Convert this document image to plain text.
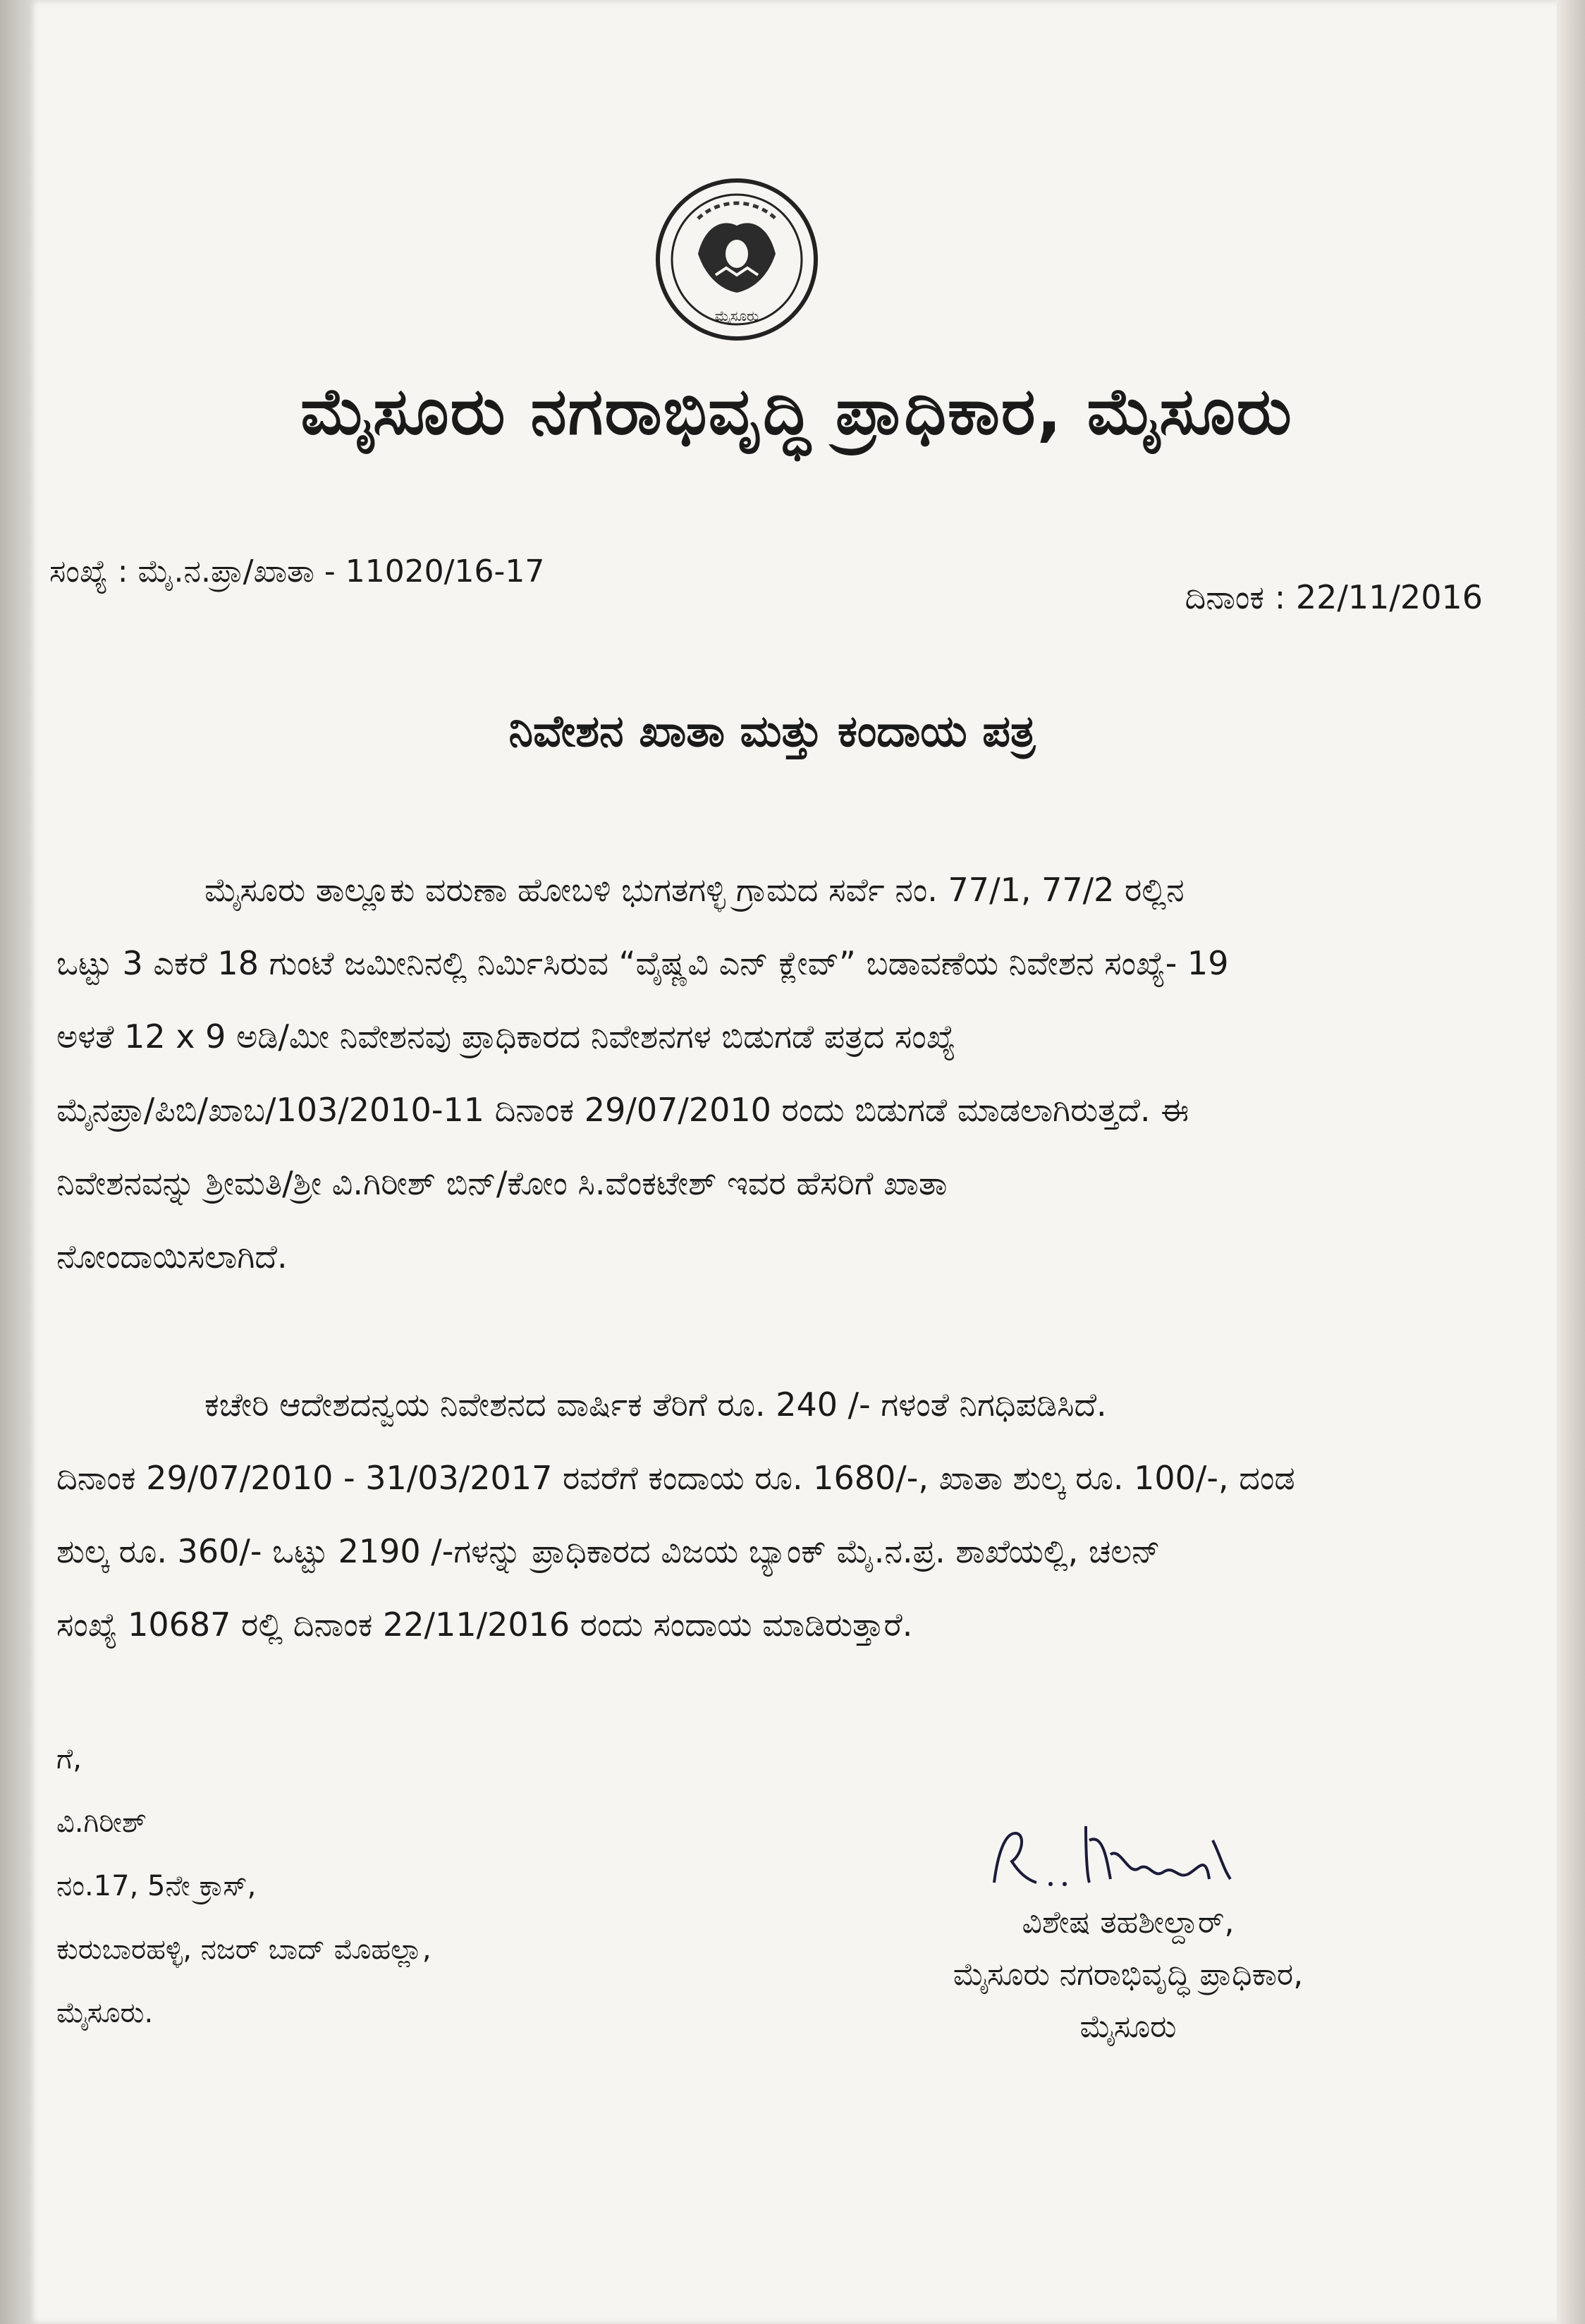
ಮೈಸೂರು
ಮೈಸೂರು ನಗರಾಭಿವೃದ್ಧಿ ಪ್ರಾಧಿಕಾರ, ಮೈಸೂರು
ಸಂಖ್ಯೆ : ಮೈ.ನ.ಪ್ರಾ/ಖಾತಾ - 11020/16-17
ದಿನಾಂಕ : 22/11/2016
ನಿವೇಶನ ಖಾತಾ ಮತ್ತು ಕಂದಾಯ ಪತ್ರ
ಮೈಸೂರು ತಾಲ್ಲೂಕು ವರುಣಾ ಹೋಬಳಿ ಭುಗತಗಳ್ಳಿ ಗ್ರಾಮದ ಸರ್ವೆ ನಂ. 77/1, 77/2 ರಲ್ಲಿನ
ಒಟ್ಟು 3 ಎಕರೆ 18 ಗುಂಟೆ ಜಮೀನಿನಲ್ಲಿ ನಿರ್ಮಿಸಿರುವ “ವೈಷ್ಣವಿ ಎನ್ ಕ್ಲೇವ್” ಬಡಾವಣೆಯ ನಿವೇಶನ ಸಂಖ್ಯೆ- 19
ಅಳತೆ 12 x 9 ಅಡಿ/ಮೀ ನಿವೇಶನವು ಪ್ರಾಧಿಕಾರದ ನಿವೇಶನಗಳ ಬಿಡುಗಡೆ ಪತ್ರದ ಸಂಖ್ಯೆ
ಮೈನಪ್ರಾ/ಪಿಬಿ/ಖಾಬ/103/2010-11 ದಿನಾಂಕ 29/07/2010 ರಂದು ಬಿಡುಗಡೆ ಮಾಡಲಾಗಿರುತ್ತದೆ. ಈ
ನಿವೇಶನವನ್ನು ಶ್ರೀಮತಿ/ಶ್ರೀ ವಿ.ಗಿರೀಶ್ ಬಿನ್/ಕೋಂ ಸಿ.ವೆಂಕಟೇಶ್ ಇವರ ಹೆಸರಿಗೆ ಖಾತಾ
ನೋಂದಾಯಿಸಲಾಗಿದೆ.
ಕಚೇರಿ ಆದೇಶದನ್ವಯ ನಿವೇಶನದ ವಾರ್ಷಿಕ ತೆರಿಗೆ ರೂ. 240 /- ಗಳಂತೆ ನಿಗಧಿಪಡಿಸಿದೆ.
ದಿನಾಂಕ 29/07/2010 - 31/03/2017 ರವರೆಗೆ ಕಂದಾಯ ರೂ. 1680/-, ಖಾತಾ ಶುಲ್ಕ ರೂ. 100/-, ದಂಡ
ಶುಲ್ಕ ರೂ. 360/- ಒಟ್ಟು 2190 /-ಗಳನ್ನು ಪ್ರಾಧಿಕಾರದ ವಿಜಯ ಬ್ಯಾಂಕ್ ಮೈ.ನ.ಪ್ರ. ಶಾಖೆಯಲ್ಲಿ, ಚಲನ್
ಸಂಖ್ಯೆ 10687 ರಲ್ಲಿ ದಿನಾಂಕ 22/11/2016 ರಂದು ಸಂದಾಯ ಮಾಡಿರುತ್ತಾರೆ.
ಗೆ,
ವಿ.ಗಿರೀಶ್
ನಂ.17, 5ನೇ ಕ್ರಾಸ್,
ಕುರುಬಾರಹಳ್ಳಿ, ನಜರ್ ಬಾದ್ ಮೊಹಲ್ಲಾ,
ಮೈಸೂರು.
ವಿಶೇಷ ತಹಶೀಲ್ದಾರ್,
ಮೈಸೂರು ನಗರಾಭಿವೃದ್ಧಿ ಪ್ರಾಧಿಕಾರ,
ಮೈಸೂರು
